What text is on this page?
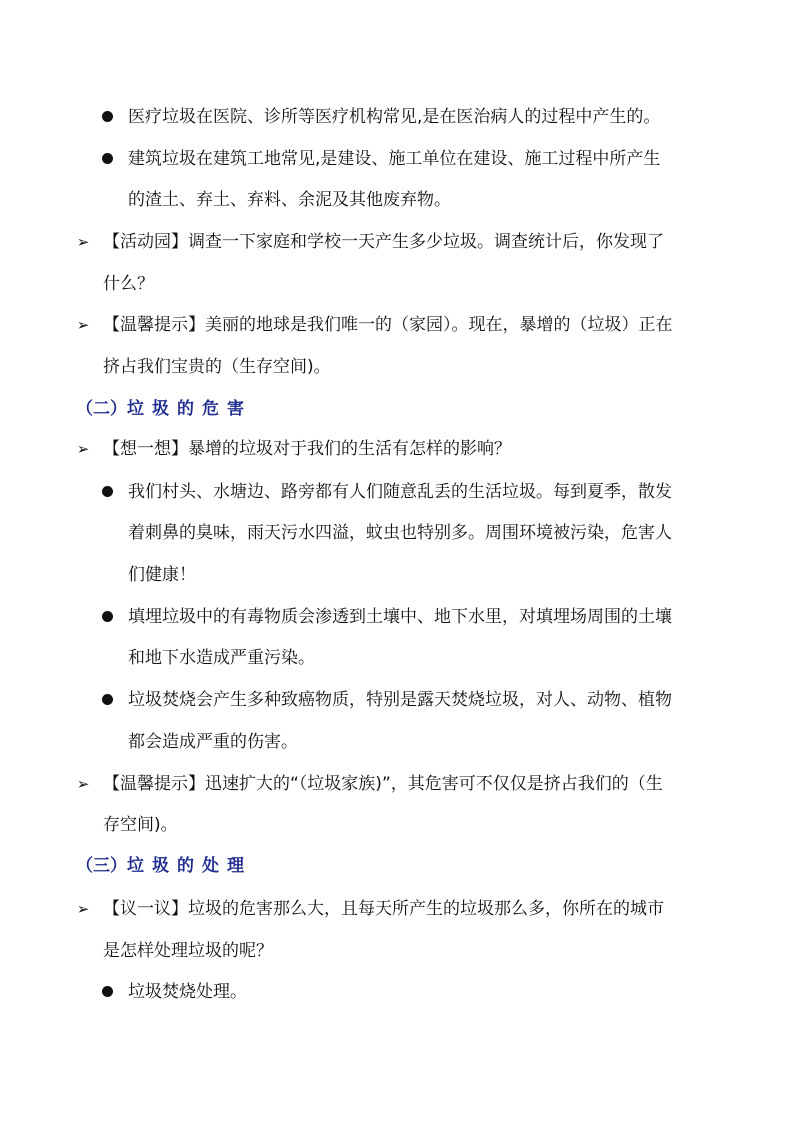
医疗垃圾在医院、诊所等医疗机构常见,是在医治病人的过程中产生的。
建筑垃圾在建筑工地常见,是建设、施工单位在建设、施工过程中所产生
的渣土、弃土、弃料、余泥及其他废弃物。
➢ 【活动园】调查一下家庭和学校一天产生多少垃圾。调查统计后，你发现了
什么？
➢ 【温馨提示】美丽的地球是我们唯一的（家园）。现在，暴增的（垃圾）正在
挤占我们宝贵的（生存空间)。
（二）垃圾的危害
➢ 【想一想】暴增的垃圾对于我们的生活有怎样的影响？
我们村头、水塘边、路旁都有人们随意乱丢的生活垃圾。每到夏季，散发
着刺鼻的臭味，雨天污水四溢，蚊虫也特别多。周围环境被污染，危害人
们健康！
填埋垃圾中的有毒物质会渗透到土壤中、地下水里，对填埋场周围的土壤
和地下水造成严重污染。
垃圾焚烧会产生多种致癌物质，特别是露天焚烧垃圾，对人、动物、植物
都会造成严重的伤害。
➢ 【温馨提示】迅速扩大的“（垃圾家族)”，其危害可不仅仅是挤占我们的（生
存空间)。
（三）垃圾的处理
➢ 【议一议】垃圾的危害那么大，且每天所产生的垃圾那么多，你所在的城市
是怎样处理垃圾的呢？
垃圾焚烧处理。
